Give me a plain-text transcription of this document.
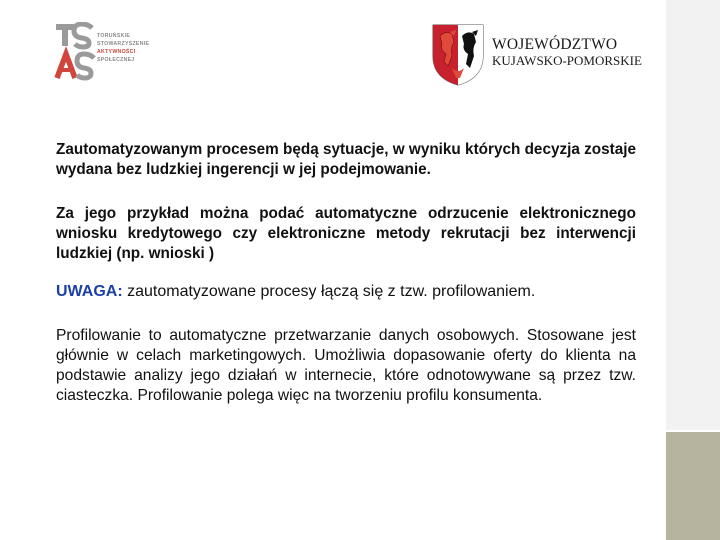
TORUŃSKIE
STOWARZYSZENIE
AKTYWNOŚCI
SPOŁECZNEJ
WOJEWÓDZTWO
KUJAWSKO-POMORSKIE

Zautomatyzowanym procesem będą sytuacje, w wyniku których decyzja zostaje wydana bez ludzkiej ingerencji w jej podejmowanie.

Za jego przykład można podać automatyczne odrzucenie elektronicznego wniosku kredytowego czy elektroniczne metody rekrutacji bez interwencji ludzkiej (np. wnioski )

UWAGA: zautomatyzowane procesy łączą się z tzw. profilowaniem.

Profilowanie to automatyczne przetwarzanie danych osobowych. Stosowane jest głównie w celach marketingowych. Umożliwia dopasowanie oferty do klienta na podstawie analizy jego działań w internecie, które odnotowywane są przez tzw. ciasteczka. Profilowanie polega więc na tworzeniu profilu konsumenta.
